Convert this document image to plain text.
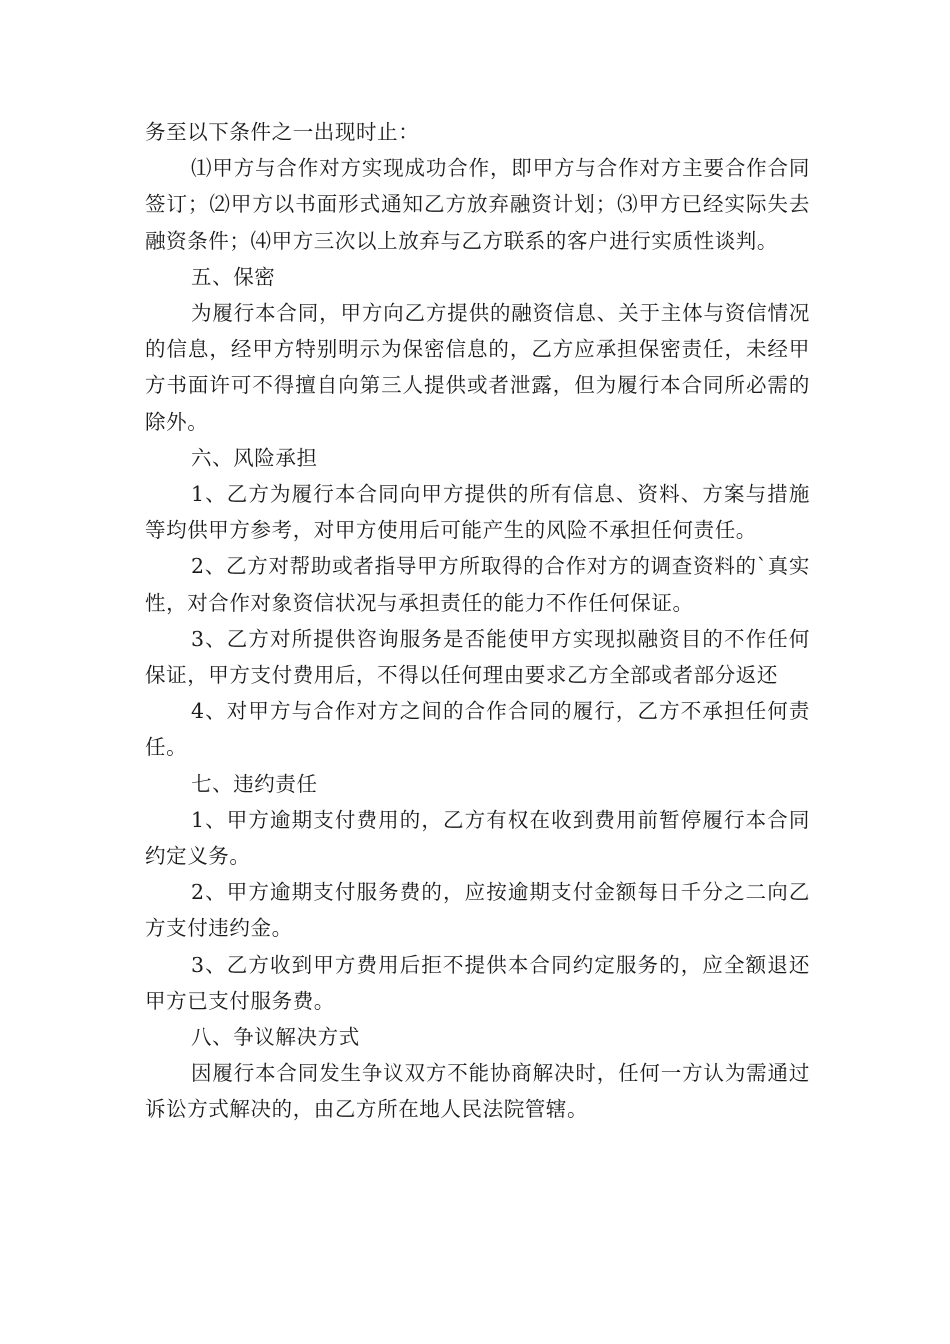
务至以下条件之一出现时止：

⑴甲方与合作对方实现成功合作，即甲方与合作对方主要合作合同签订；⑵甲方以书面形式通知乙方放弃融资计划；⑶甲方已经实际失去融资条件；⑷甲方三次以上放弃与乙方联系的客户进行实质性谈判。

五、保密

为履行本合同，甲方向乙方提供的融资信息、关于主体与资信情况的信息，经甲方特别明示为保密信息的，乙方应承担保密责任，未经甲方书面许可不得擅自向第三人提供或者泄露，但为履行本合同所必需的除外。

六、风险承担

1、乙方为履行本合同向甲方提供的所有信息、资料、方案与措施等均供甲方参考，对甲方使用后可能产生的风险不承担任何责任。

2、乙方对帮助或者指导甲方所取得的合作对方的调查资料的`真实性，对合作对象资信状况与承担责任的能力不作任何保证。

3、乙方对所提供咨询服务是否能使甲方实现拟融资目的不作任何保证，甲方支付费用后，不得以任何理由要求乙方全部或者部分返还

4、对甲方与合作对方之间的合作合同的履行，乙方不承担任何责任。

七、违约责任

1、甲方逾期支付费用的，乙方有权在收到费用前暂停履行本合同约定义务。

2、甲方逾期支付服务费的，应按逾期支付金额每日千分之二向乙方支付违约金。

3、乙方收到甲方费用后拒不提供本合同约定服务的，应全额退还甲方已支付服务费。

八、争议解决方式

因履行本合同发生争议双方不能协商解决时，任何一方认为需通过诉讼方式解决的，由乙方所在地人民法院管辖。
